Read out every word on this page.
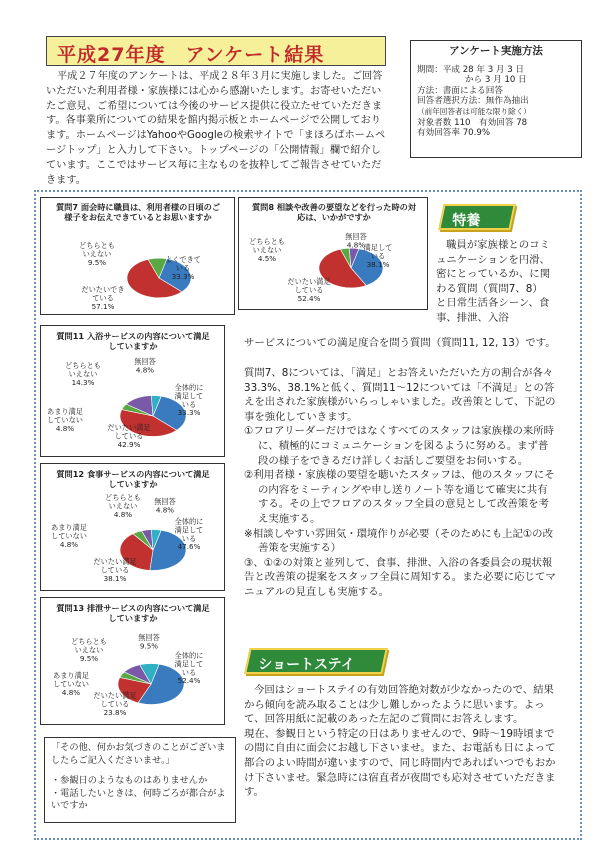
平成27年度　アンケート結果
平成２７年度のアンケートは、平成２８年３月に実施しました。ご回答いただいた利用者様・家族様には心から感謝いたします。お寄せいただいたご意見、ご希望については今後のサービス提供に役立たせていただきます。各事業所についての結果を館内掲示板とホームページで公開しております。ホームページはYahooやGoogleの検索サイトで「まほろばホームページトップ」と入力して下さい。トップページの「公開情報」欄で紹介しています。ここではサービス毎に主なものを抜粋してご報告させていただきます。
アンケート実施方法
期間：平成 28 年 3 月 3 日
から 3 月 10 日
方法：書面による回答
回答者選択方法：無作為抽出
（前年回答者は可能な限り除く）
対象者数 110　有効回答 78
有効回答率 70.9%
質問7 面会時に職員は、利用者様の日頃のご様子をお伝えできているとお思いますか
よくできている 33.3%
だいたいできている 57.1%
どちらともいえない 9.5%
質問8 相談や改善の要望などを行った時の対応は、いかがですか
満足している 38.1%
だいたい満足している 52.4%
どちらともいえない 4.5%
無回答 4.8%
質問11 入浴サービスの内容について満足していますか
全体的に満足している 33.3%
だいたい満足している 42.9%
あまり満足していない 4.8%
どちらともいえない 14.3%
無回答 4.8%
質問12 食事サービスの内容について満足していますか
全体的に満足している 47.6%
だいたい満足している 38.1%
あまり満足していない 4.8%
どちらともいえない 4.8%
無回答 4.8%
質問13 排泄サービスの内容について満足していますか
全体的に満足している 52.4%
だいたい満足している 23.8%
あまり満足していない 4.8%
どちらともいえない 9.5%
無回答 9.5%
特養
職員が家族様とのコミュニケーションを円滑、密にとっているか、に関わる質問（質問7、8）と日常生活各シーン、食事、排泄、入浴
サービスについての満足度合を問う質問（質問11, 12, 13）です。
質問7、8については、「満足」とお答えいただいた方の割合が各々33.3%、38.1%と低く、質問11～12については「不満足」との答えを出された家族様がいらっしゃいました。改善策として、下記の事を強化していきます。
①フロアリーダーだけではなくすべてのスタッフは家族様の来所時に、積極的にコミュニケーションを図るように努める。まず普段の様子をできるだけ詳しくお話しご要望をお伺いする。
②利用者様・家族様の要望を聴いたスタッフは、他のスタッフにその内容をミーティングや申し送りノート等を通じて確実に共有する。その上でフロアのスタッフ全員の意見として改善策を考え実施する。
※相談しやすい雰囲気・環境作りが必要（そのためにも上記①の改善策を実施する）
③、①②の対策と並列して、食事、排泄、入浴の各委員会の現状報告と改善策の提案をスタッフ全員に周知する。また必要に応じてマニュアルの見直しも実施する。
ショートステイ
今回はショートステイの有効回答絶対数が少なかったので、結果から傾向を読み取ることは少し難しかったように思います。よって、回答用紙に記載のあった左記のご質問にお答えします。
現在、参観日という特定の日はありませんので、9時～19時頃までの間に自由に面会にお越し下さいませ。また、お電話も日によって都合のよい時間が違いますので、同じ時間内であればいつでもおかけ下さいませ。緊急時には宿直者が夜間でも応対させていただきます。
「その他、何かお気づきのことがございましたらご記入くださいませ。」
・参観日のようなものはありませんか
・電話したいときは、何時ごろが都合がよいですか
